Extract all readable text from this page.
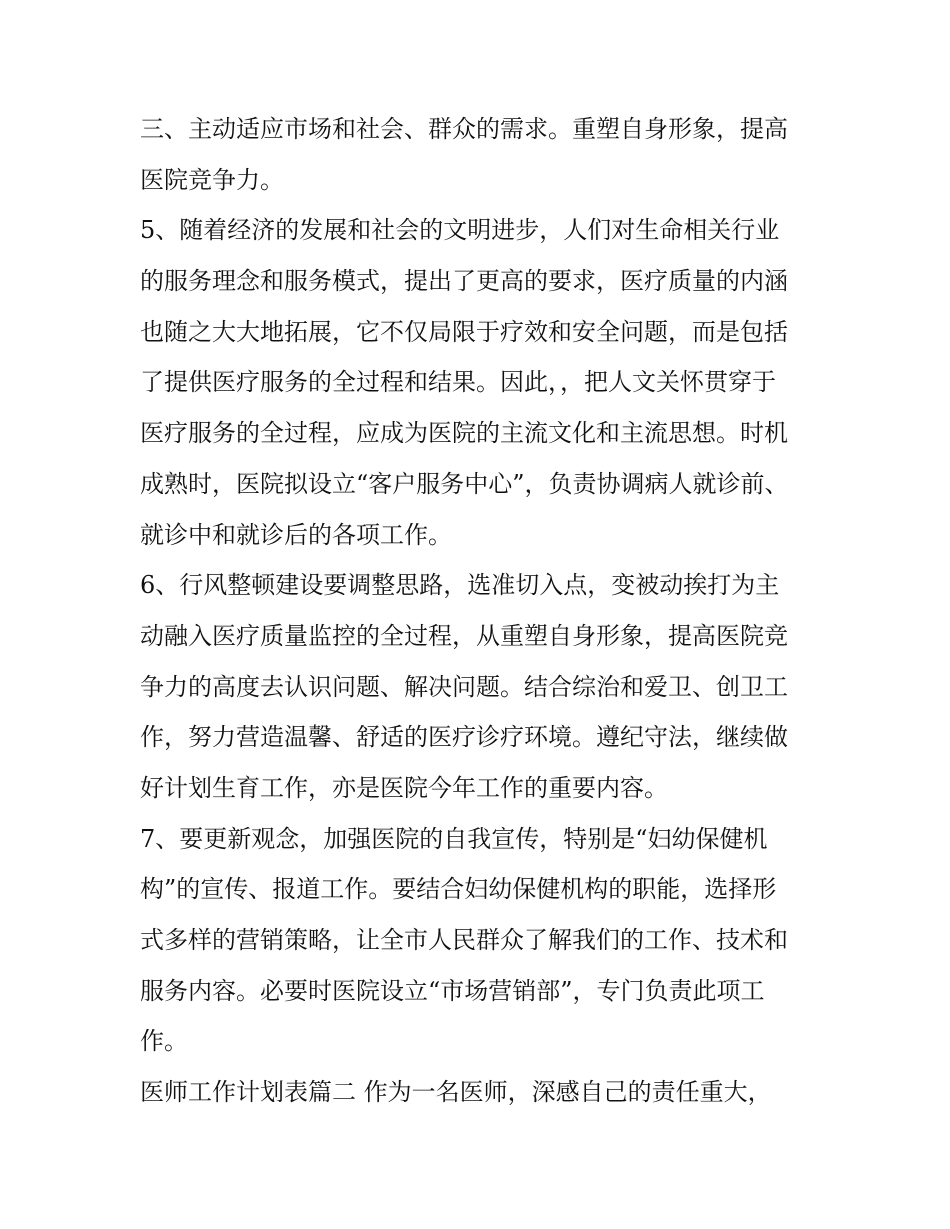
三、主动适应市场和社会、群众的需求。重塑自身形象，提高
医院竞争力。
5、随着经济的发展和社会的文明进步，人们对生命相关行业
的服务理念和服务模式，提出了更高的要求，医疗质量的内涵
也随之大大地拓展，它不仅局限于疗效和安全问题，而是包括
了提供医疗服务的全过程和结果。因此，，把人文关怀贯穿于
医疗服务的全过程，应成为医院的主流文化和主流思想。时机
成熟时，医院拟设立“客户服务中心”，负责协调病人就诊前、
就诊中和就诊后的各项工作。
6、行风整顿建设要调整思路，选准切入点，变被动挨打为主
动融入医疗质量监控的全过程，从重塑自身形象，提高医院竞
争力的高度去认识问题、解决问题。结合综治和爱卫、创卫工
作，努力营造温馨、舒适的医疗诊疗环境。遵纪守法，继续做
好计划生育工作，亦是医院今年工作的重要内容。
7、要更新观念，加强医院的自我宣传，特别是“妇幼保健机
构”的宣传、报道工作。要结合妇幼保健机构的职能，选择形
式多样的营销策略，让全市人民群众了解我们的工作、技术和
服务内容。必要时医院设立“市场营销部”，专门负责此项工
作。
医师工作计划表篇二 作为一名医师，深感自己的责任重大，
